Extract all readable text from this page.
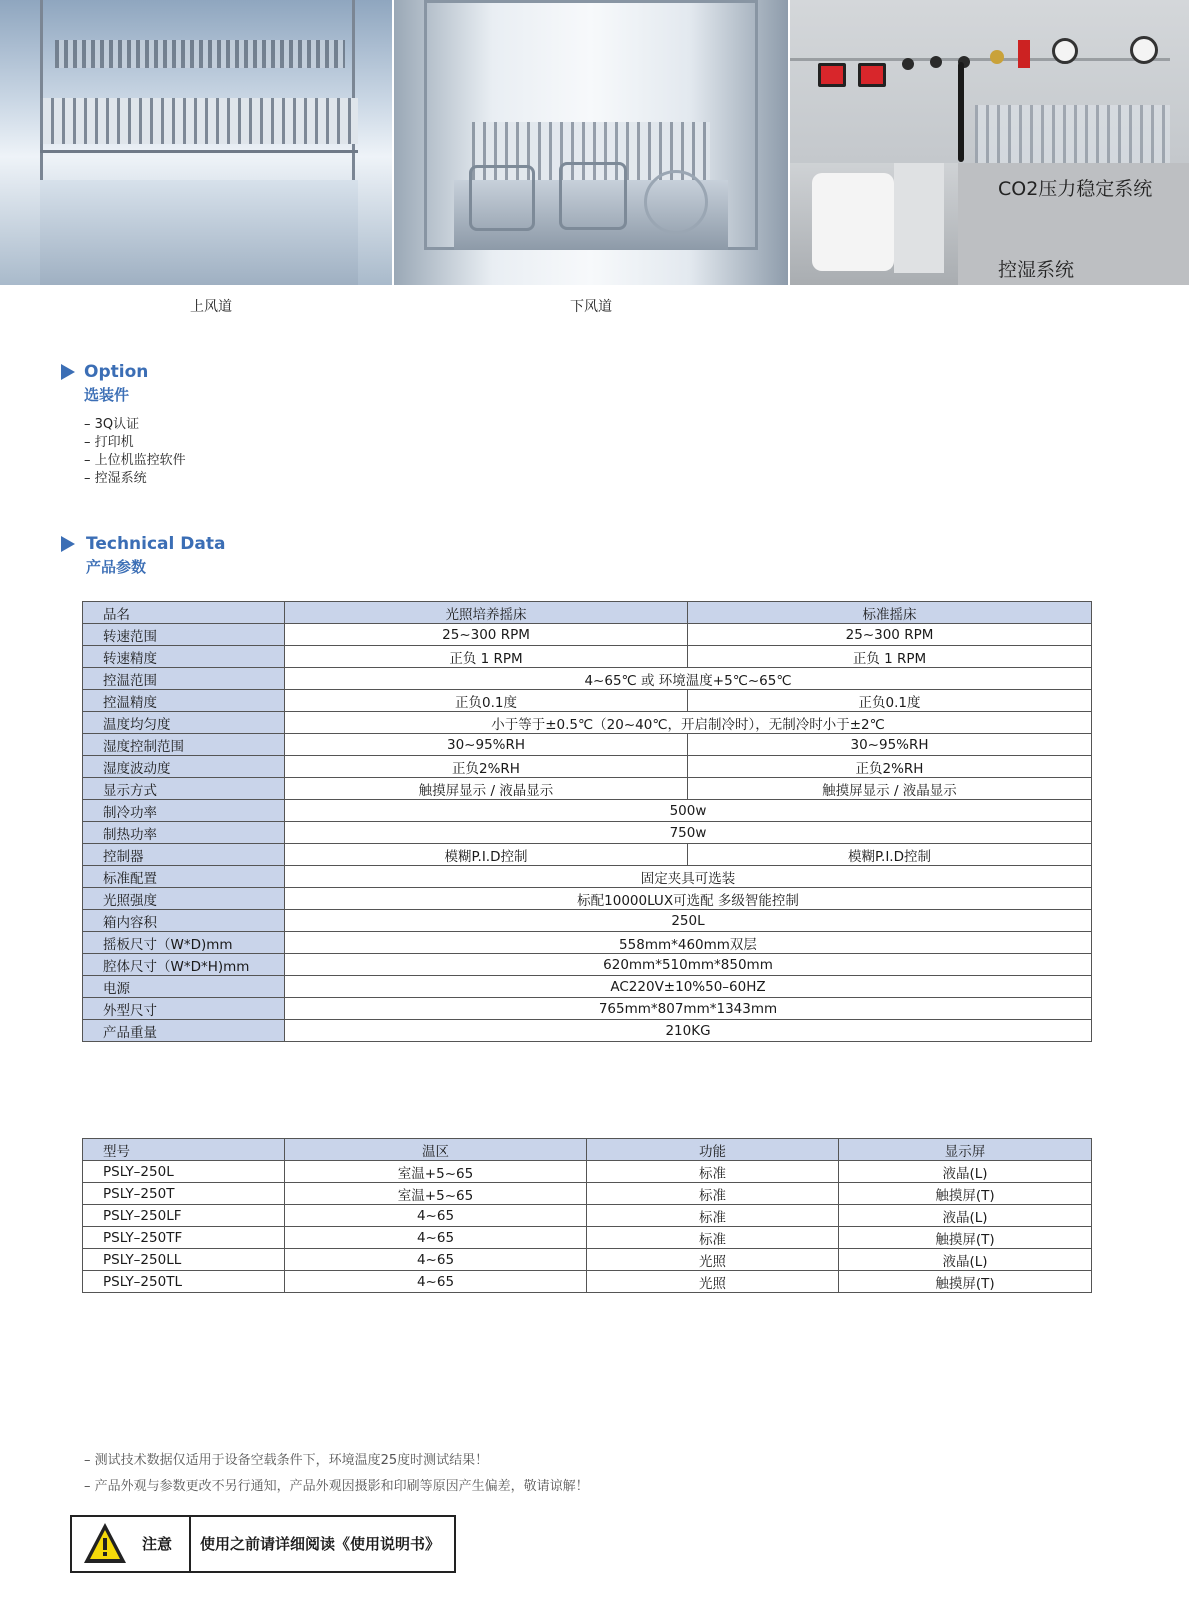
CO2压力稳定系统
控湿系统
上风道	下风道
Option
选装件
– 3Q认证
– 打印机
– 上位机监控软件
– 控湿系统
Technical Data
产品参数
品名	光照培养摇床	标准摇床
转速范围	25~300 RPM	25~300 RPM
转速精度	正负 1 RPM	正负 1 RPM
控温范围	4~65℃ 或 环境温度+5℃~65℃	
控温精度	正负0.1度	正负0.1度
温度均匀度	小于等于±0.5℃（20~40℃，开启制冷时），无制冷时小于±2℃	
湿度控制范围	30~95%RH	30~95%RH
湿度波动度	正负2%RH	正负2%RH
显示方式	触摸屏显示 / 液晶显示	触摸屏显示 / 液晶显示
制冷功率	500w	
制热功率	750w	
控制器	模糊P.I.D控制	模糊P.I.D控制
标准配置	固定夹具可选装	
光照强度	标配10000LUX可选配 多级智能控制	
箱内容积	250L	
摇板尺寸（W*D)mm	558mm*460mm双层	
腔体尺寸（W*D*H)mm	620mm*510mm*850mm	
电源	AC220V±10%50–60HZ	
外型尺寸	765mm*807mm*1343mm	
产品重量	210KG	
型号	温区	功能	显示屏
PSLY–250L	室温+5~65	标准	液晶(L)
PSLY–250T	室温+5~65	标准	触摸屏(T)
PSLY–250LF	4~65	标准	液晶(L)
PSLY–250TF	4~65	标准	触摸屏(T)
PSLY–250LL	4~65	光照	液晶(L)
PSLY–250TL	4~65	光照	触摸屏(T)
– 测试技术数据仅适用于设备空载条件下，环境温度25度时测试结果！
– 产品外观与参数更改不另行通知，产品外观因摄影和印刷等原因产生偏差，敬请谅解！
注意 使用之前请详细阅读《使用说明书》
